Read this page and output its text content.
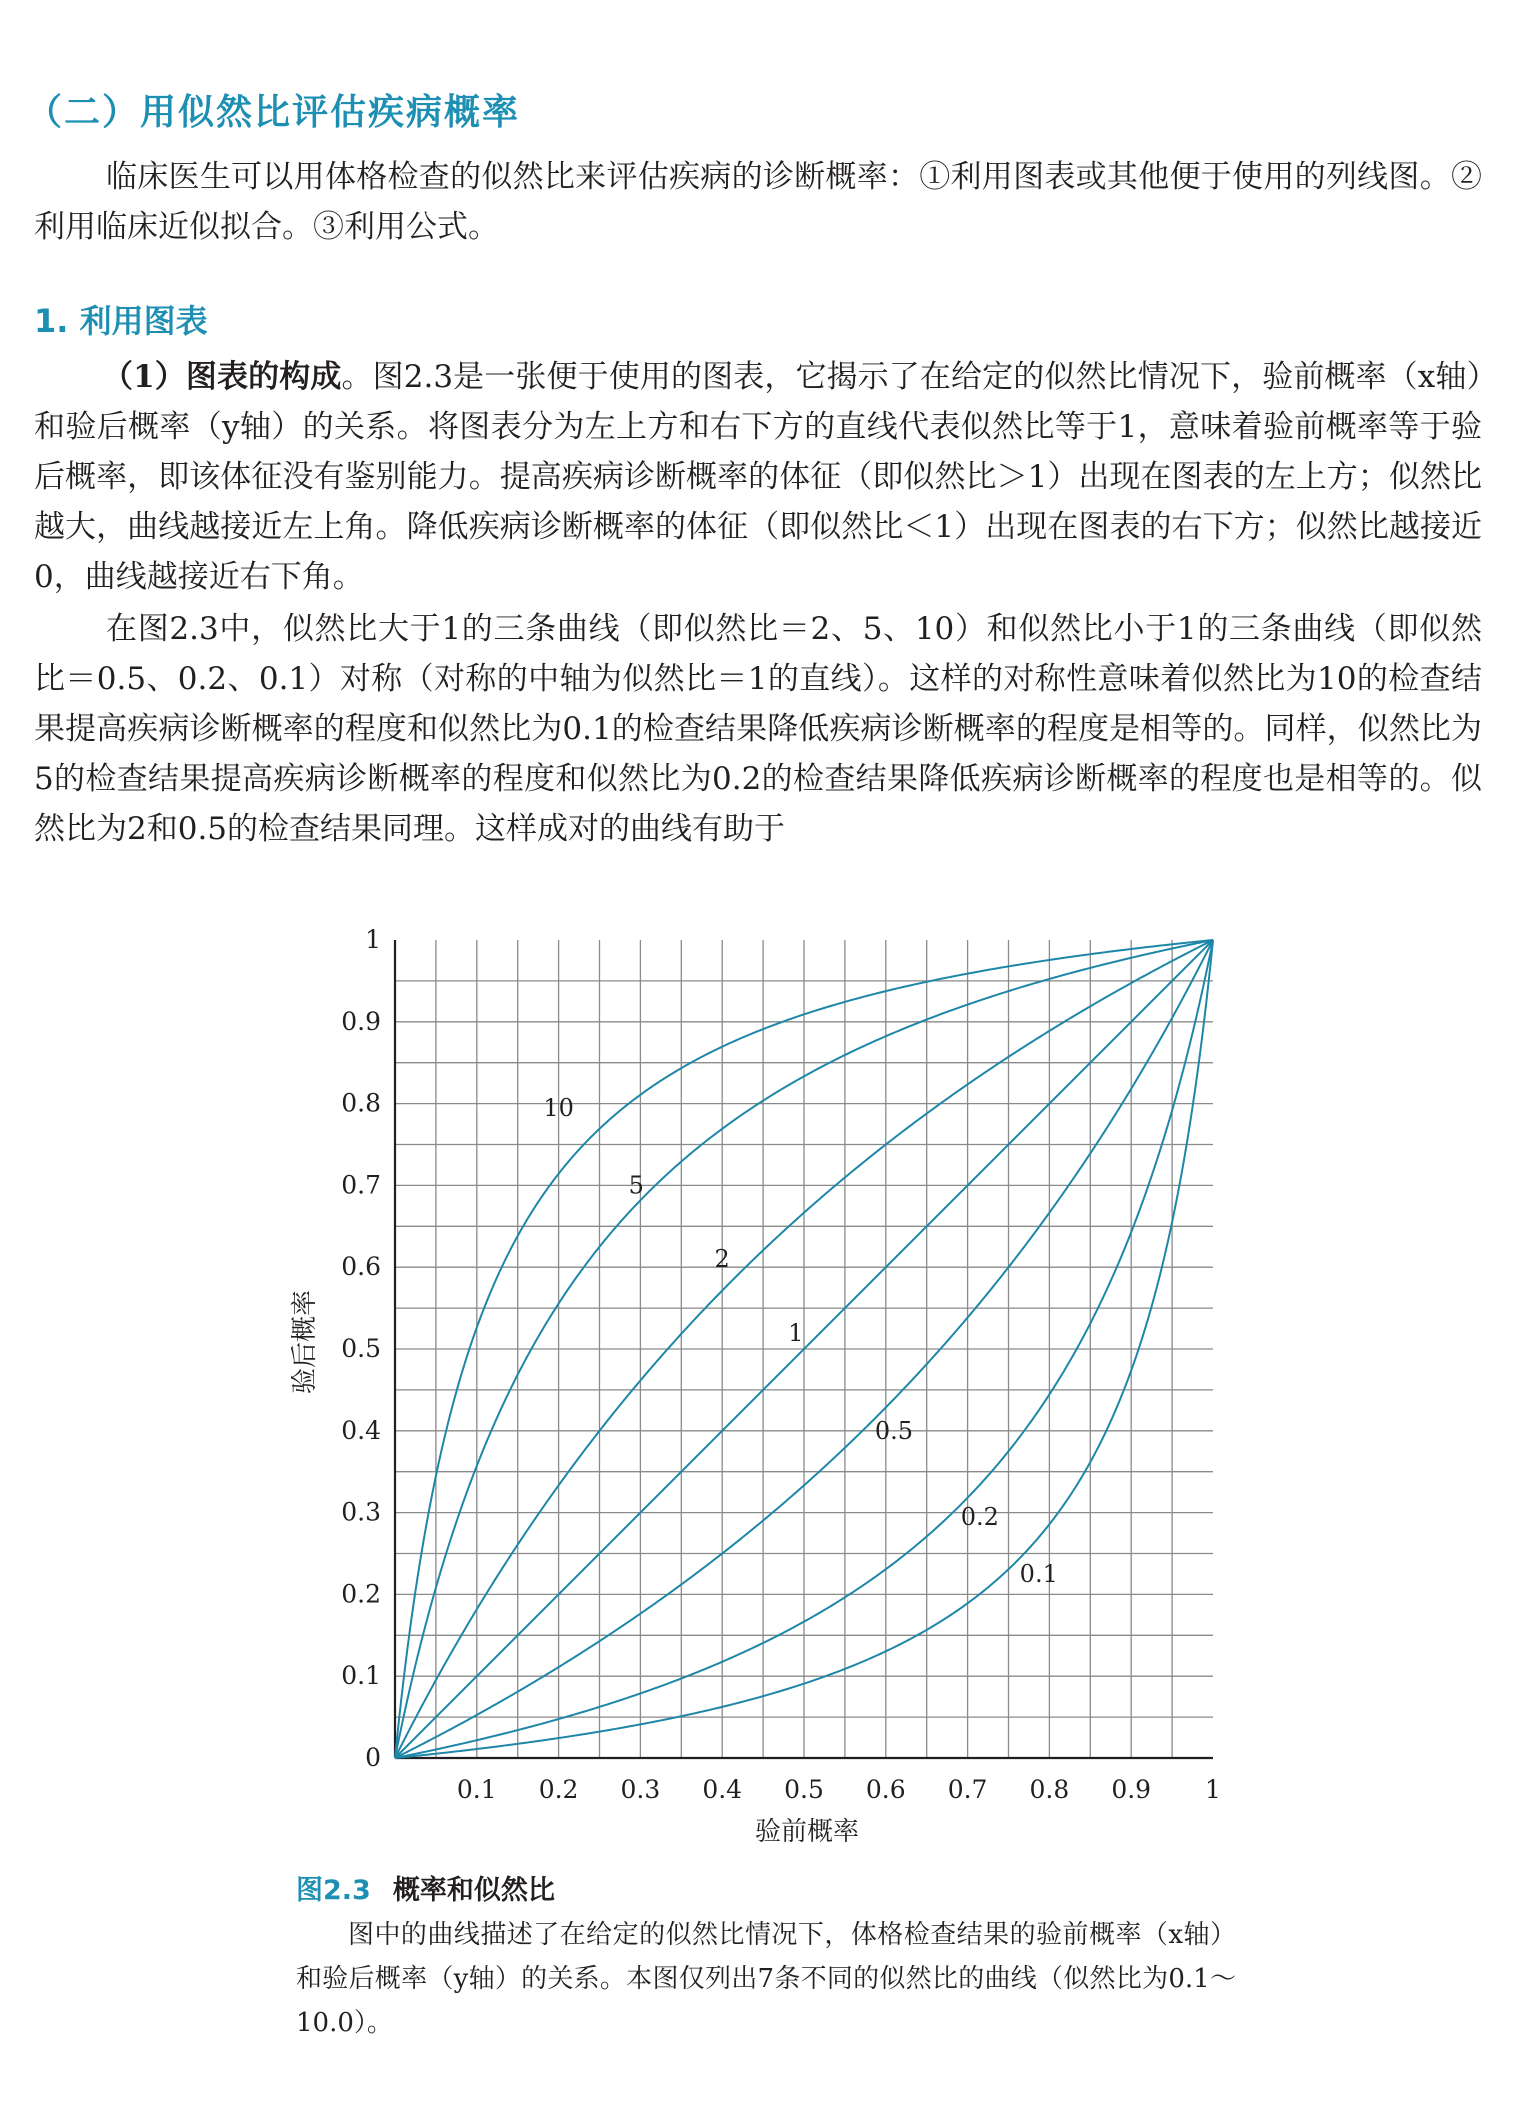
（二）用似然比评估疾病概率

临床医生可以用体格检查的似然比来评估疾病的诊断概率：①利用图表或其他便于使用的列线图。②利用临床近似拟合。③利用公式。

1. 利用图表

（1）图表的构成。图2.3是一张便于使用的图表，它揭示了在给定的似然比情况下，验前概率（x轴）和验后概率（y轴）的关系。将图表分为左上方和右下方的直线代表似然比等于1，意味着验前概率等于验后概率，即该体征没有鉴别能力。提高疾病诊断概率的体征（即似然比＞1）出现在图表的左上方；似然比越大，曲线越接近左上角。降低疾病诊断概率的体征（即似然比＜1）出现在图表的右下方；似然比越接近0，曲线越接近右下角。

在图2.3中，似然比大于1的三条曲线（即似然比＝2、5、10）和似然比小于1的三条曲线（即似然比＝0.5、0.2、0.1）对称（对称的中轴为似然比＝1的直线）。这样的对称性意味着似然比为10的检查结果提高疾病诊断概率的程度和似然比为0.1的检查结果降低疾病诊断概率的程度是相等的。同样，似然比为5的检查结果提高疾病诊断概率的程度和似然比为0.2的检查结果降低疾病诊断概率的程度也是相等的。似然比为2和0.5的检查结果同理。这样成对的曲线有助于

10
5
2
1
0.5
0.2
0.1
0.1 0.2 0.3 0.4 0.5 0.6 0.7 0.8 0.9 1
0
0.1
0.2
0.3
0.4
0.5
0.6
0.7
0.8
0.9
1
验前概率
验后概率

图2.3 概率和似然比

图中的曲线描述了在给定的似然比情况下，体格检查结果的验前概率（x轴）和验后概率（y轴）的关系。本图仅列出7条不同的似然比的曲线（似然比为0.1～10.0）。
